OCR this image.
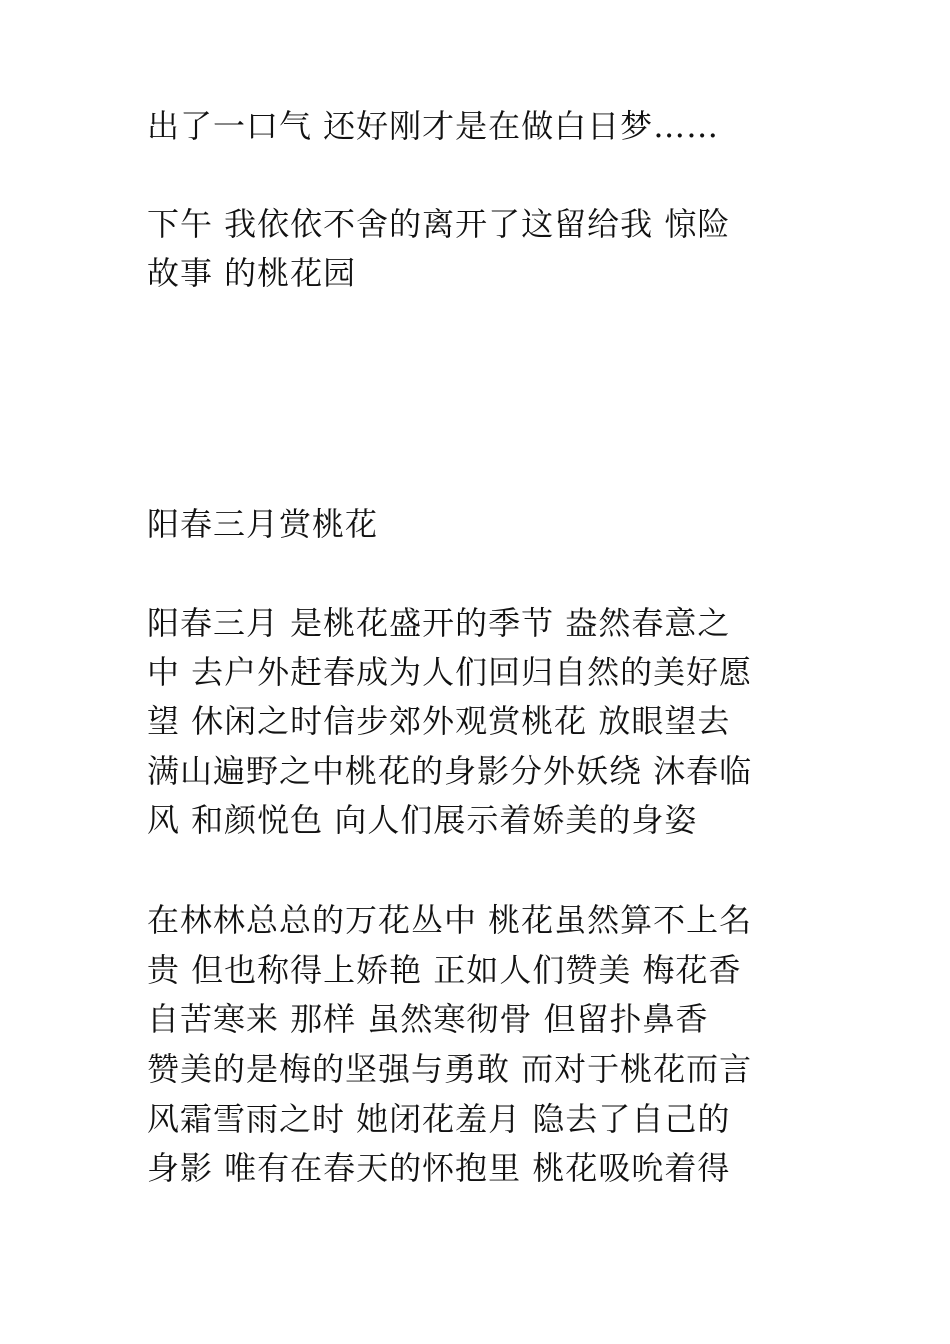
出了一口气 还好刚才是在做白日梦……
下午 我依依不舍的离开了这留给我 惊险
故事 的桃花园
阳春三月赏桃花
阳春三月 是桃花盛开的季节 盎然春意之
中 去户外赶春成为人们回归自然的美好愿
望 休闲之时信步郊外观赏桃花 放眼望去
满山遍野之中桃花的身影分外妖绕 沐春临
风 和颜悦色 向人们展示着娇美的身姿
在林林总总的万花丛中 桃花虽然算不上名
贵 但也称得上娇艳 正如人们赞美 梅花香
自苦寒来 那样 虽然寒彻骨 但留扑鼻香
赞美的是梅的坚强与勇敢 而对于桃花而言
风霜雪雨之时 她闭花羞月 隐去了自己的
身影 唯有在春天的怀抱里 桃花吸吮着得
